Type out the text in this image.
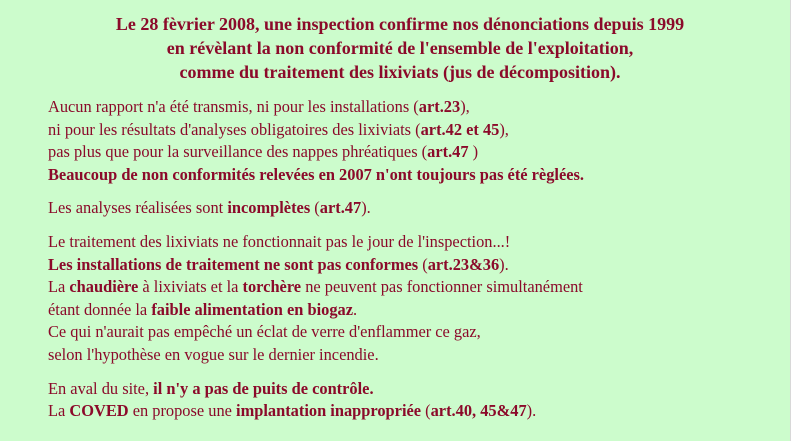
Le 28 fèvrier 2008, une inspection confirme nos dénonciations depuis 1999
en révèlant la non conformité de l'ensemble de l'exploitation,
comme du traitement des lixiviats (jus de décomposition).
Aucun rapport n'a été transmis, ni pour les installations (art.23),
ni pour les résultats d'analyses obligatoires des lixiviats (art.42 et 45),
pas plus que pour la surveillance des nappes phréatiques (art.47 )
Beaucoup de non conformités relevées en 2007 n'ont toujours pas été règlées.
Les analyses réalisées sont incomplètes (art.47).
Le traitement des lixiviats ne fonctionnait pas le jour de l'inspection...!
Les installations de traitement ne sont pas conformes (art.23&36).
La chaudière à lixiviats et la torchère ne peuvent pas fonctionner simultanément
étant donnée la faible alimentation en biogaz.
Ce qui n'aurait pas empêché un éclat de verre d'enflammer ce gaz,
selon l'hypothèse en vogue sur le dernier incendie.
En aval du site, il n'y a pas de puits de contrôle.
La COVED en propose une implantation inappropriée (art.40, 45&47).
